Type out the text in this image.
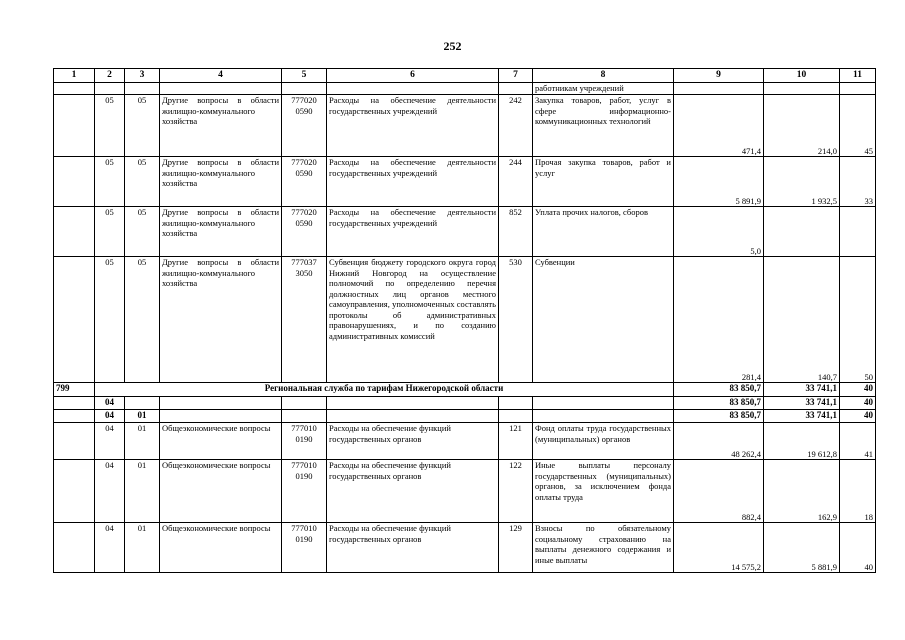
252
1	2	3	4	5	6	7	8	9	10	11
							работникам учреждений			
	05	05	Другие вопросы в области жилищно-коммунального хозяйства	777020 0590	Расходы на обеспечение деятельности государственных учреждений	242	Закупка товаров, работ, услуг в сфере информационно-коммуникационных технологий	471,4	214,0	45
	05	05	Другие вопросы в области жилищно-коммунального хозяйства	777020 0590	Расходы на обеспечение деятельности государственных учреждений	244	Прочая закупка товаров, работ и услуг	5 891,9	1 932,5	33
	05	05	Другие вопросы в области жилищно-коммунального хозяйства	777020 0590	Расходы на обеспечение деятельности государственных учреждений	852	Уплата прочих налогов, сборов	5,0		
	05	05	Другие вопросы в области жилищно-коммунального хозяйства	777037 3050	Субвенция бюджету городского округа город Нижний Новгород на осуществление полномочий по определению перечня должностных лиц органов местного самоуправления, уполномоченных составлять протоколы об административных правонарушениях, и по созданию административных комиссий	530	Субвенции	281,4	140,7	50
799	Региональная служба по тарифам Нижегородской области							83 850,7	33 741,1	40
	04							83 850,7	33 741,1	40
	04	01						83 850,7	33 741,1	40
	04	01	Общеэкономические вопросы	777010 0190	Расходы на обеспечение функций государственных органов	121	Фонд оплаты труда государственных (муниципальных) органов	48 262,4	19 612,8	41
	04	01	Общеэкономические вопросы	777010 0190	Расходы на обеспечение функций государственных органов	122	Иные выплаты персоналу государственных (муниципальных) органов, за исключением фонда оплаты труда	882,4	162,9	18
	04	01	Общеэкономические вопросы	777010 0190	Расходы на обеспечение функций государственных органов	129	Взносы по обязательному социальному страхованию на выплаты денежного содержания и иные выплаты	14 575,2	5 881,9	40
